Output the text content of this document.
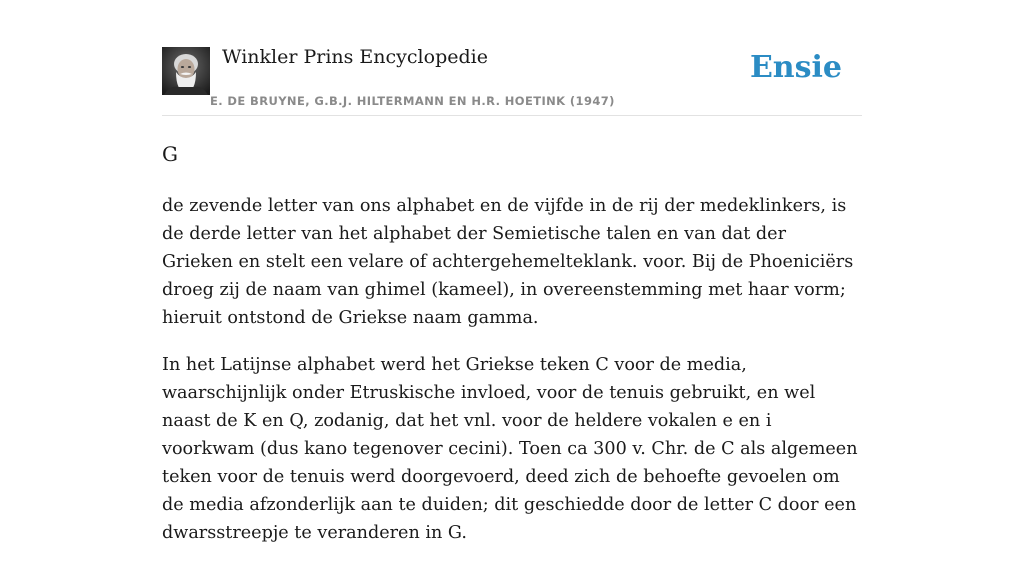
Winkler Prins Encyclopedie
E. DE BRUYNE, G.B.J. HILTERMANN EN H.R. HOETINK (1947)
Ensie
G

de zevende letter van ons alphabet en de vijfde in de rij der medeklinkers, is de derde letter van het alphabet der Semietische talen en van dat der Grieken en stelt een velare of achtergehemelteklank. voor. Bij de Phoeniciërs droeg zij de naam van ghimel (kameel), in overeenstemming met haar vorm; hieruit ontstond de Griekse naam gamma.

In het Latijnse alphabet werd het Griekse teken C voor de media, waarschijnlijk onder Etruskische invloed, voor de tenuis gebruikt, en wel naast de K en Q, zodanig, dat het vnl. voor de heldere vokalen e en i voorkwam (dus kano tegenover cecini). Toen ca 300 v. Chr. de C als algemeen teken voor de tenuis werd doorgevoerd, deed zich de behoefte gevoelen om de media afzonderlijk aan te duiden; dit geschiedde door de letter C door een dwarsstreepje te veranderen in G.
